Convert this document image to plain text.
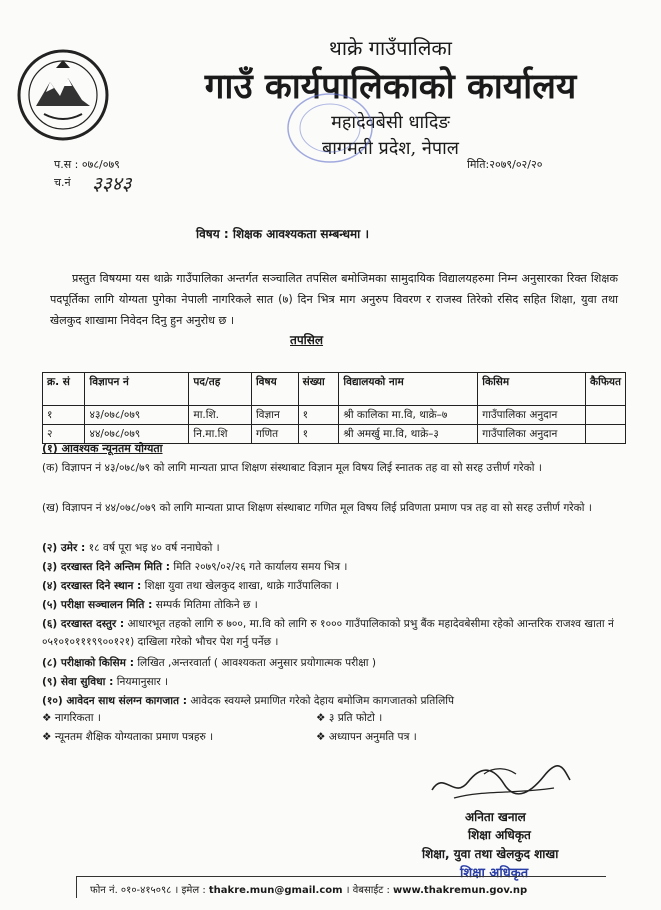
थाक्रे गाउँपालिका
गाउँ कार्यपालिकाको कार्यालय
महादेवबेसी धादिङ
बागमती प्रदेश, नेपाल
प.स : ०७८/०७९
च.नं ३३४३
मिति:२०७९/०२/२०
विषय : शिक्षक आवश्यकता सम्बन्धमा ।
प्रस्तुत विषयमा यस थाक्रे गाउँपालिका अन्तर्गत सञ्चालित तपसिल बमोजिमका सामुदायिक विद्यालयहरुमा निम्न अनुसारका रिक्त शिक्षक पदपूर्तिका लागि योग्यता पुगेका नेपाली नागरिकले सात (७) दिन भित्र माग अनुरुप विवरण र राजस्व तिरेको रसिद सहित शिक्षा, युवा तथा खेलकुद शाखामा निवेदन दिनु हुन अनुरोध छ ।
तपसिल
क्र. सं	विज्ञापन नं	पद/तह	विषय	संख्या	विद्यालयको नाम	किसिम	कैफियत
१	४३/०७८/०७९	मा.शि.	विज्ञान	१	श्री कालिका मा.वि, थाक्रे–७	गाउँपालिका अनुदान	
२	४४/०७८/०७९	नि.मा.शि	गणित	१	श्री अमर्खु मा.वि, थाक्रे–३	गाउँपालिका अनुदान	
(१) आवश्यक न्यूनतम योग्यता
(क) विज्ञापन नं ४३/०७८/७९ को लागि मान्यता प्राप्त शिक्षण संस्थाबाट विज्ञान मूल विषय लिई स्नातक तह वा सो सरह उत्तीर्ण गरेको ।
(ख) विज्ञापन नं ४४/०७८/०७९ को लागि मान्यता प्राप्त शिक्षण संस्थाबाट गणित मूल विषय लिई प्रविणता प्रमाण पत्र तह वा सो सरह उत्तीर्ण गरेको ।
(२) उमेर : १८ वर्ष पूरा भइ ४० वर्ष ननाघेको ।
(३) दरखास्त दिने अन्तिम मिति : मिति २०७९/०२/२६ गते कार्यालय समय भित्र ।
(४) दरखास्त दिने स्थान : शिक्षा युवा तथा खेलकुद शाखा, थाक्रे गाउँपालिका ।
(५) परीक्षा सञ्चालन मिति : सम्पर्क मितिमा तोकिने छ ।
(६) दरखास्त दस्तुर : आधारभूत तहको लागि रु ७००, मा.वि को लागि रु १००० गाउँपालिकाको प्रभु बैंक महादेवबेसीमा रहेको आन्तरिक राजश्व खाता नं ०५१०१०१११९९००१२१) दाखिला गरेको भौचर पेश गर्नु पर्नेछ ।
(८) परीक्षाको किसिम : लिखित ,अन्तरवार्ता ( आवश्यकता अनुसार प्रयोगात्मक परीक्षा )
(९) सेवा सुविधा : नियमानुसार ।
(१०) आवेदन साथ संलग्न कागजात : आवेदक स्वयम्ले प्रमाणित गरेको देहाय बमोजिम कागजातको प्रतिलिपि
❖ नागरिकता ।	❖ ३ प्रति फोटो ।
❖ न्यूनतम शैक्षिक योग्यताका प्रमाण पत्रहरु ।	❖ अध्यापन अनुमति पत्र ।
अनिता खनाल
शिक्षा अधिकृत
शिक्षा, युवा तथा खेलकुद शाखा
शिक्षा अधिकृत
फोन नं. ०१०-४१५०९८ । इमेल : thakre.mun@gmail.com । वेबसाईट : www.thakremun.gov.np
